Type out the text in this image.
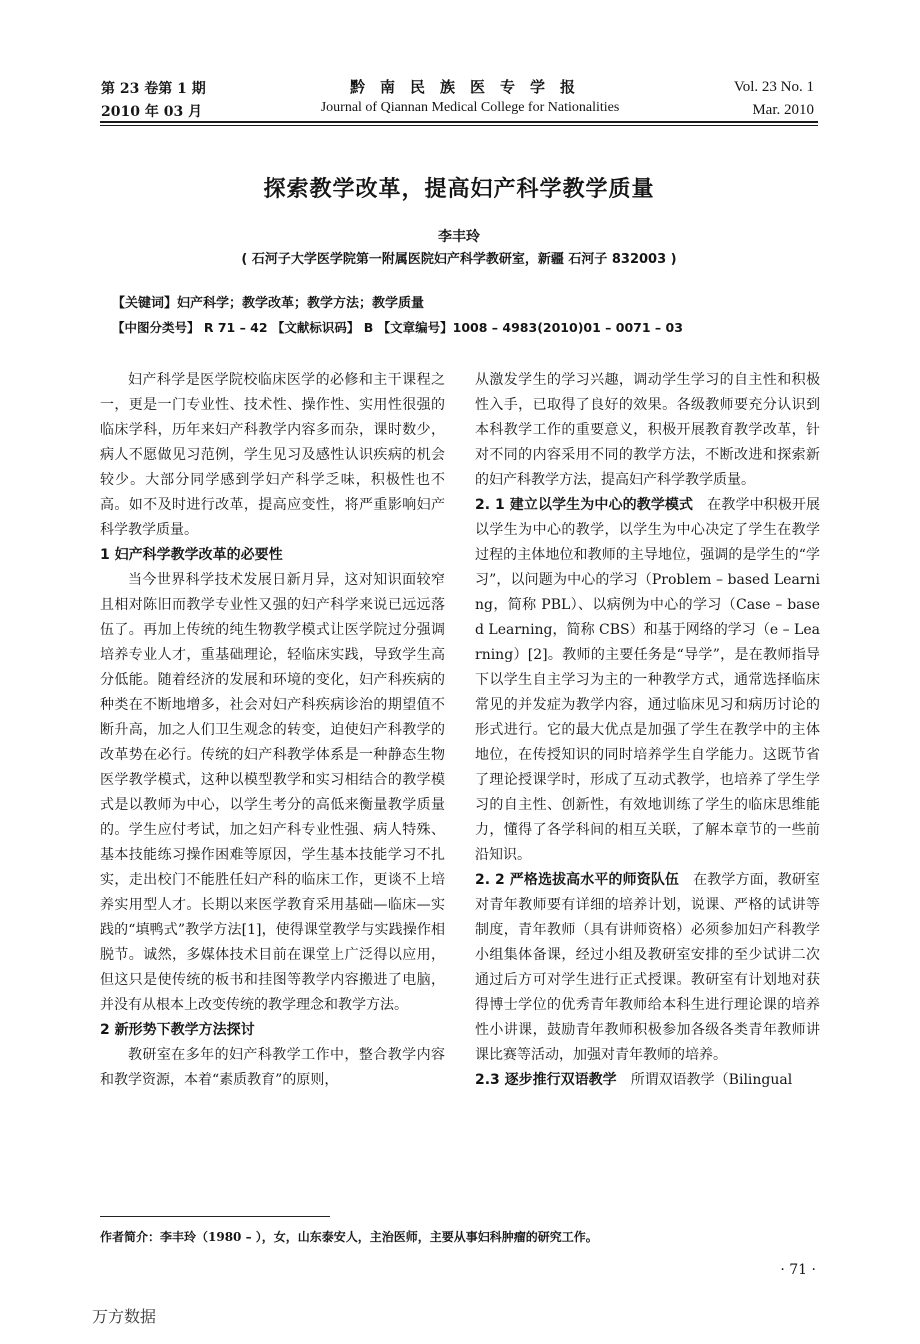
第 23 卷第 1 期
2010 年 03 月
黔南民族医专学报
Journal of Qiannan Medical College for Nationalities
Vol. 23 No. 1
Mar. 2010
探索教学改革，提高妇产科学教学质量
李丰玲
( 石河子大学医学院第一附属医院妇产科学教研室，新疆 石河子 832003 )
【关键词】妇产科学；教学改革；教学方法；教学质量
【中图分类号】 R 71 – 42 【文献标识码】 B 【文章编号】1008 – 4983(2010)01 – 0071 – 03

妇产科学是医学院校临床医学的必修和主干课程之一，更是一门专业性、技术性、操作性、实用性很强的临床学科，历年来妇产科教学内容多而杂，课时数少，病人不愿做见习范例，学生见习及感性认识疾病的机会较少。大部分同学感到学妇产科学乏味，积极性也不高。如不及时进行改革，提高应变性，将严重影响妇产科学教学质量。

1 妇产科学教学改革的必要性

当今世界科学技术发展日新月异，这对知识面较窄且相对陈旧而教学专业性又强的妇产科学来说已远远落伍了。再加上传统的纯生物教学模式让医学院过分强调培养专业人才，重基础理论，轻临床实践，导致学生高分低能。随着经济的发展和环境的变化，妇产科疾病的种类在不断地增多，社会对妇产科疾病诊治的期望值不断升高，加之人们卫生观念的转变，迫使妇产科教学的改革势在必行。传统的妇产科教学体系是一种静态生物医学教学模式，这种以模型教学和实习相结合的教学模式是以教师为中心，以学生考分的高低来衡量教学质量的。学生应付考试，加之妇产科专业性强、病人特殊、基本技能练习操作困难等原因，学生基本技能学习不扎实，走出校门不能胜任妇产科的临床工作，更谈不上培养实用型人才。长期以来医学教育采用基础—临床—实践的“填鸭式”教学方法[1]，使得课堂教学与实践操作相脱节。诚然，多媒体技术目前在课堂上广泛得以应用，但这只是使传统的板书和挂图等教学内容搬进了电脑，并没有从根本上改变传统的教学理念和教学方法。

2 新形势下教学方法探讨

教研室在多年的妇产科教学工作中，整合教学内容和教学资源，本着“素质教育”的原则，

从激发学生的学习兴趣，调动学生学习的自主性和积极性入手，已取得了良好的效果。各级教师要充分认识到本科教学工作的重要意义，积极开展教育教学改革，针对不同的内容采用不同的教学方法，不断改进和探索新的妇产科教学方法，提高妇产科学教学质量。

2. 1 建立以学生为中心的教学模式　 在教学中积极开展以学生为中心的教学，以学生为中心决定了学生在教学过程的主体地位和教师的主导地位，强调的是学生的“学习”，以问题为中心的学习（Problem – based Learning，简称 PBL）、以病例为中心的学习（Case – based Learning，简称 CBS）和基于网络的学习（e – Learning）[2]。教师的主要任务是“导学”，是在教师指导下以学生自主学习为主的一种教学方式，通常选择临床常见的并发症为教学内容，通过临床见习和病历讨论的形式进行。它的最大优点是加强了学生在教学中的主体地位，在传授知识的同时培养学生自学能力。这既节省了理论授课学时，形成了互动式教学，也培养了学生学习的自主性、创新性，有效地训练了学生的临床思维能力，懂得了各学科间的相互关联，了解本章节的一些前沿知识。

2. 2 严格选拔高水平的师资队伍　 在教学方面，教研室对青年教师要有详细的培养计划，说课、严格的试讲等制度，青年教师（具有讲师资格）必须参加妇产科教学小组集体备课，经过小组及教研室安排的至少试讲二次通过后方可对学生进行正式授课。教研室有计划地对获得博士学位的优秀青年教师给本科生进行理论课的培养性小讲课，鼓励青年教师积极参加各级各类青年教师讲课比赛等活动，加强对青年教师的培养。

2.3 逐步推行双语教学　 所谓双语教学（Bilingual

作者简介：李丰玲（1980 – ），女，山东泰安人，主治医师，主要从事妇科肿瘤的研究工作。
· 71 ·
万方数据
